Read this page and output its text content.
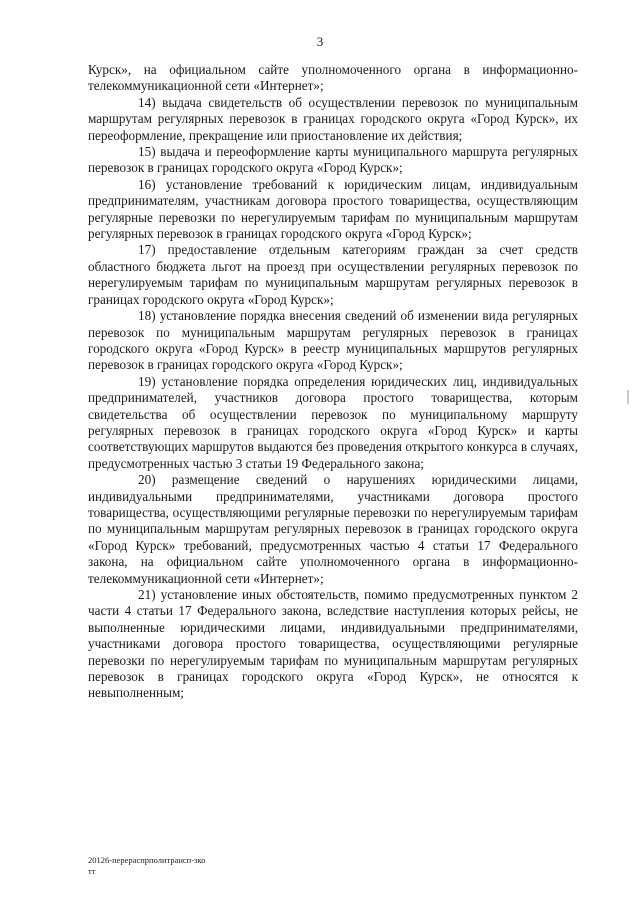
3

Курск», на официальном сайте уполномоченного органа в информационно-телекоммуникационной сети «Интернет»;

14) выдача свидетельств об осуществлении перевозок по муниципальным маршрутам регулярных перевозок в границах городского округа «Город Курск», их переоформление, прекращение или приостановление их действия;

15) выдача и переоформление карты муниципального маршрута регулярных перевозок в границах городского округа «Город Курск»;

16) установление требований к юридическим лицам, индивидуальным предпринимателям, участникам договора простого товарищества, осуществляющим регулярные перевозки по нерегулируемым тарифам по муниципальным маршрутам регулярных перевозок в границах городского округа «Город Курск»;

17) предоставление отдельным категориям граждан за счет средств областного бюджета льгот на проезд при осуществлении регулярных перевозок по нерегулируемым тарифам по муниципальным маршрутам регулярных перевозок в границах городского округа «Город Курск»;

18) установление порядка внесения сведений об изменении вида регулярных перевозок по муниципальным маршрутам регулярных перевозок в границах городского округа «Город Курск» в реестр муниципальных маршрутов регулярных перевозок в границах городского округа «Город Курск»;

19) установление порядка определения юридических лиц, индивидуальных предпринимателей, участников договора простого товарищества, которым свидетельства об осуществлении перевозок по муниципальному маршруту регулярных перевозок в границах городского округа «Город Курск» и карты соответствующих маршрутов выдаются без проведения открытого конкурса в случаях, предусмотренных частью 3 статьи 19 Федерального закона;

20) размещение сведений о нарушениях юридическими лицами, индивидуальными предпринимателями, участниками договора простого товарищества, осуществляющими регулярные перевозки по нерегулируемым тарифам по муниципальным маршрутам регулярных перевозок в границах городского округа «Город Курск» требований, предусмотренных частью 4 статьи 17 Федерального закона, на официальном сайте уполномоченного органа в информационно-телекоммуникационной сети «Интернет»;

21) установление иных обстоятельств, помимо предусмотренных пунктом 2 части 4 статьи 17 Федерального закона, вследствие наступления которых рейсы, не выполненные юридическими лицами, индивидуальными предпринимателями, участниками договора простого товарищества, осуществляющими регулярные перевозки по нерегулируемым тарифам по муниципальным маршрутам регулярных перевозок в границах городского округа «Город Курск», не относятся к невыполненным;

20126-перераспрполитрансп-зко
тт
